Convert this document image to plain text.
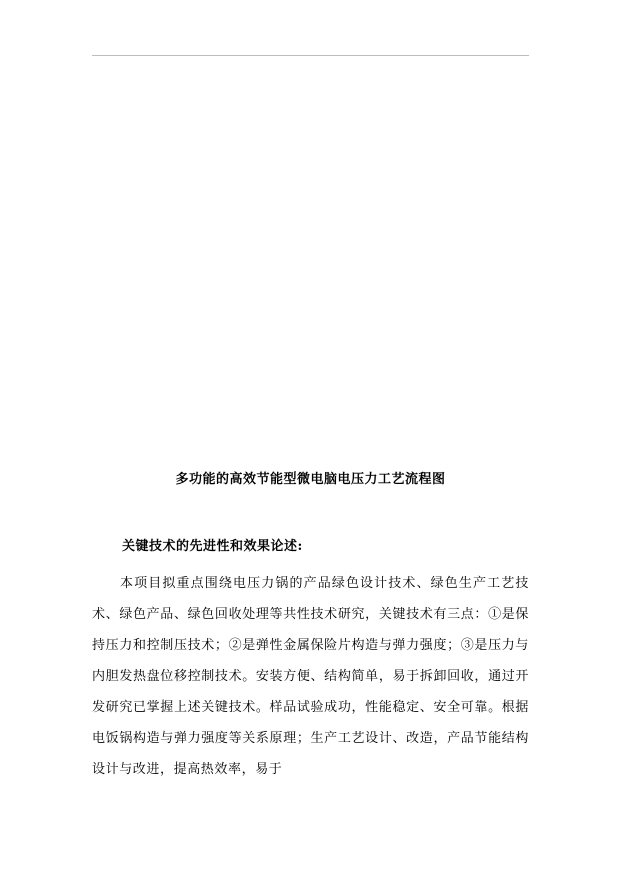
多功能的高效节能型微电脑电压力工艺流程图
关键技术的先进性和效果论述:

本项目拟重点围绕电压力锅的产品绿色设计技术、绿色生产工艺技术、绿色产品、绿色回收处理等共性技术研究，关键技术有三点：①是保持压力和控制压技术；②是弹性金属保险片构造与弹力强度；③是压力与内胆发热盘位移控制技术。安装方便、结构简单，易于拆卸回收，通过开发研究已掌握上述关键技术。样品试验成功，性能稳定、安全可靠。根据电饭锅构造与弹力强度等关系原理；生产工艺设计、改造，产品节能结构设计与改进，提高热效率，易于
